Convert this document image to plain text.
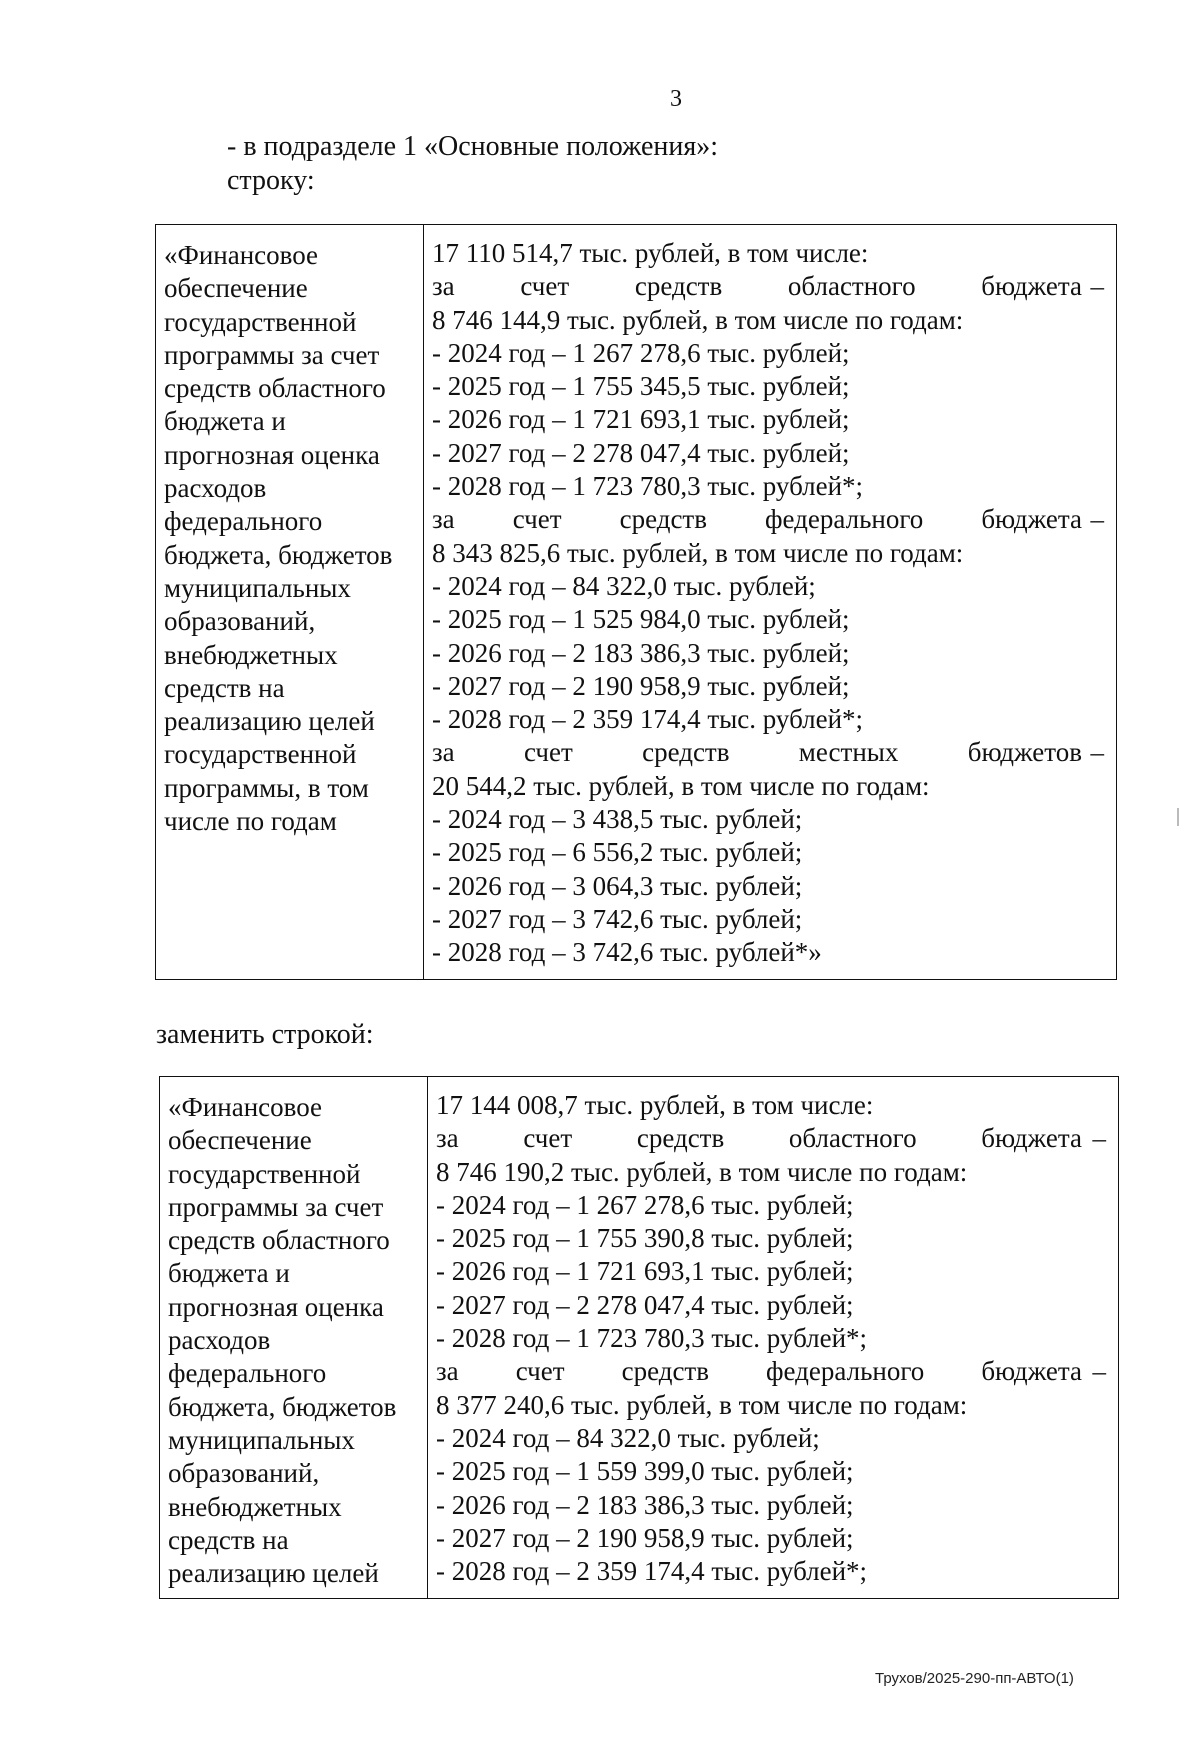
3
- в подразделе 1 «Основные положения»:
строку:
«Финансовое
обеспечение
государственной
программы за счет
средств областного
бюджета и
прогнозная оценка
расходов
федерального
бюджета, бюджетов
муниципальных
образований,
внебюджетных
средств на
реализацию целей
государственной
программы, в том
числе по годам

17 110 514,7 тыс. рублей, в том числе:
за счет средств областного бюджета –
8 746 144,9 тыс. рублей, в том числе по годам:
- 2024 год – 1 267 278,6 тыс. рублей;
- 2025 год – 1 755 345,5 тыс. рублей;
- 2026 год – 1 721 693,1 тыс. рублей;
- 2027 год – 2 278 047,4 тыс. рублей;
- 2028 год – 1 723 780,3 тыс. рублей*;
за счет средств федерального бюджета –
8 343 825,6 тыс. рублей, в том числе по годам:
- 2024 год – 84 322,0 тыс. рублей;
- 2025 год – 1 525 984,0 тыс. рублей;
- 2026 год – 2 183 386,3 тыс. рублей;
- 2027 год – 2 190 958,9 тыс. рублей;
- 2028 год – 2 359 174,4 тыс. рублей*;
за	счет	средств	местных	бюджетов –
20 544,2 тыс. рублей, в том числе по годам:
- 2024 год – 3 438,5 тыс. рублей;
- 2025 год – 6 556,2 тыс. рублей;
- 2026 год – 3 064,3 тыс. рублей;
- 2027 год – 3 742,6 тыс. рублей;
- 2028 год – 3 742,6 тыс. рублей*»
заменить строкой:
«Финансовое
обеспечение
государственной
программы за счет
средств областного
бюджета и
прогнозная оценка
расходов
федерального
бюджета, бюджетов
муниципальных
образований,
внебюджетных
средств на
реализацию целей

17 144 008,7 тыс. рублей, в том числе:
за счет средств областного бюджета –
8 746 190,2 тыс. рублей, в том числе по годам:
- 2024 год – 1 267 278,6 тыс. рублей;
- 2025 год – 1 755 390,8 тыс. рублей;
- 2026 год – 1 721 693,1 тыс. рублей;
- 2027 год – 2 278 047,4 тыс. рублей;
- 2028 год – 1 723 780,3 тыс. рублей*;
за счет средств федерального бюджета –
8 377 240,6 тыс. рублей, в том числе по годам:
- 2024 год – 84 322,0 тыс. рублей;
- 2025 год – 1 559 399,0 тыс. рублей;
- 2026 год – 2 183 386,3 тыс. рублей;
- 2027 год – 2 190 958,9 тыс. рублей;
- 2028 год – 2 359 174,4 тыс. рублей*;
Трухов/2025-290-пп-АВТО(1)
